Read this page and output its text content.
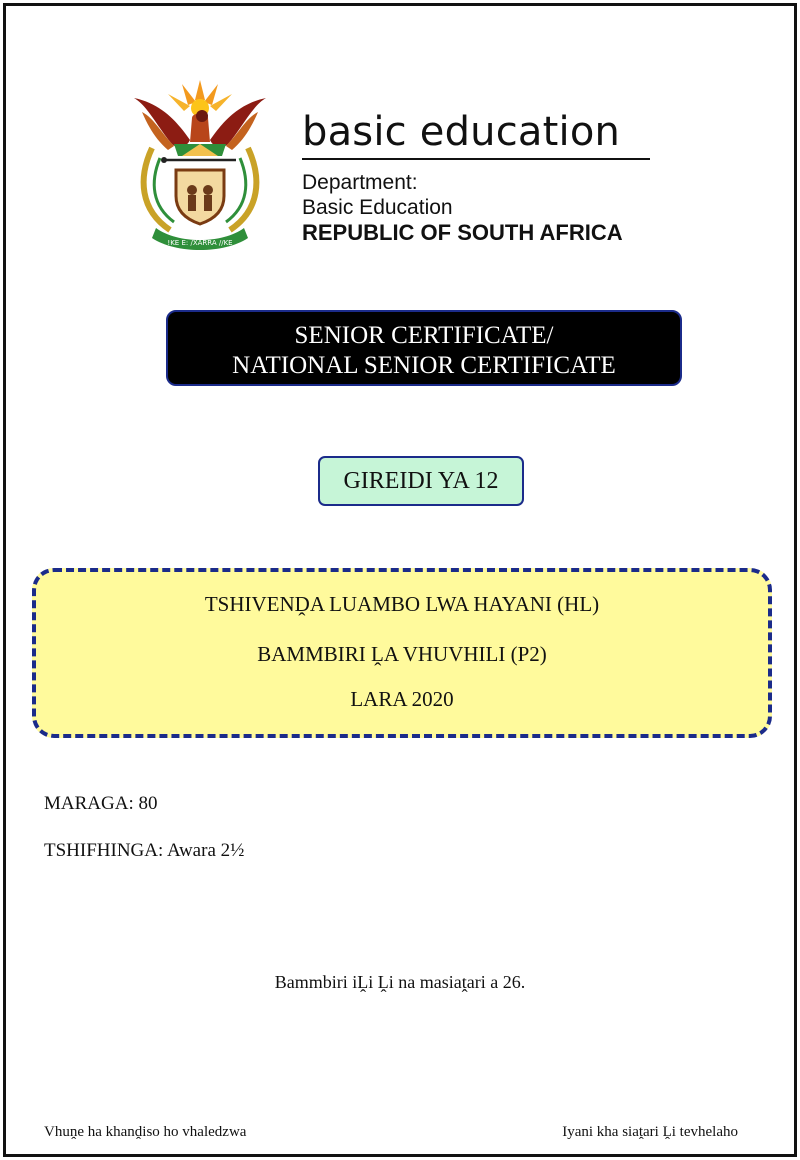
!KE E: /XARRA //KE
basic education
Department:
Basic Education
REPUBLIC OF SOUTH AFRICA
SENIOR CERTIFICATE/
NATIONAL SENIOR CERTIFICATE
GIREIDI YA 12
TSHIVENḒA LUAMBO LWA HAYANI (HL)
BAMMBIRI ḼA VHUVHILI (P2)
LARA 2020
MARAGA: 80
TSHIFHINGA: Awara 2½
Bammbiri iḼi Ḽi na masiaṱari a 26.
Vhuṋe ha khanḓiso ho vhaledzwa	Iyani kha siaṱari Ḽi tevhelaho
